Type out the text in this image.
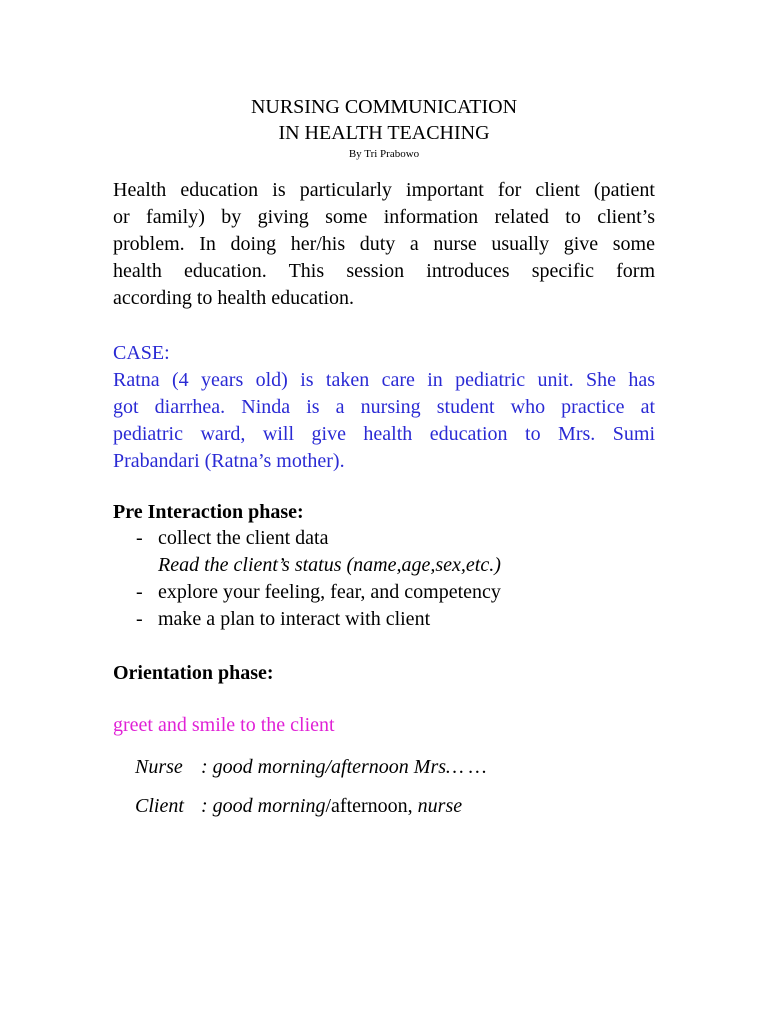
NURSING COMMUNICATION
IN HEALTH TEACHING
By Tri Prabowo
Health education is particularly important for client (patient
or family) by giving some information related to client’s
problem. In doing her/his duty a nurse usually give some
health education. This session introduces specific form
according to health education.
CASE:
Ratna (4 years old) is taken care in pediatric unit. She has
got diarrhea. Ninda is a nursing student who practice at
pediatric ward, will give health education to Mrs. Sumi
Prabandari (Ratna’s mother).
Pre Interaction phase:
- collect the client data
Read the client’s status (name,age,sex,etc.)
- explore your feeling, fear, and competency
- make a plan to interact with client
Orientation phase:
greet and smile to the client
Nurse : good morning/afternoon Mrs… …
Client : good morning/afternoon, nurse
